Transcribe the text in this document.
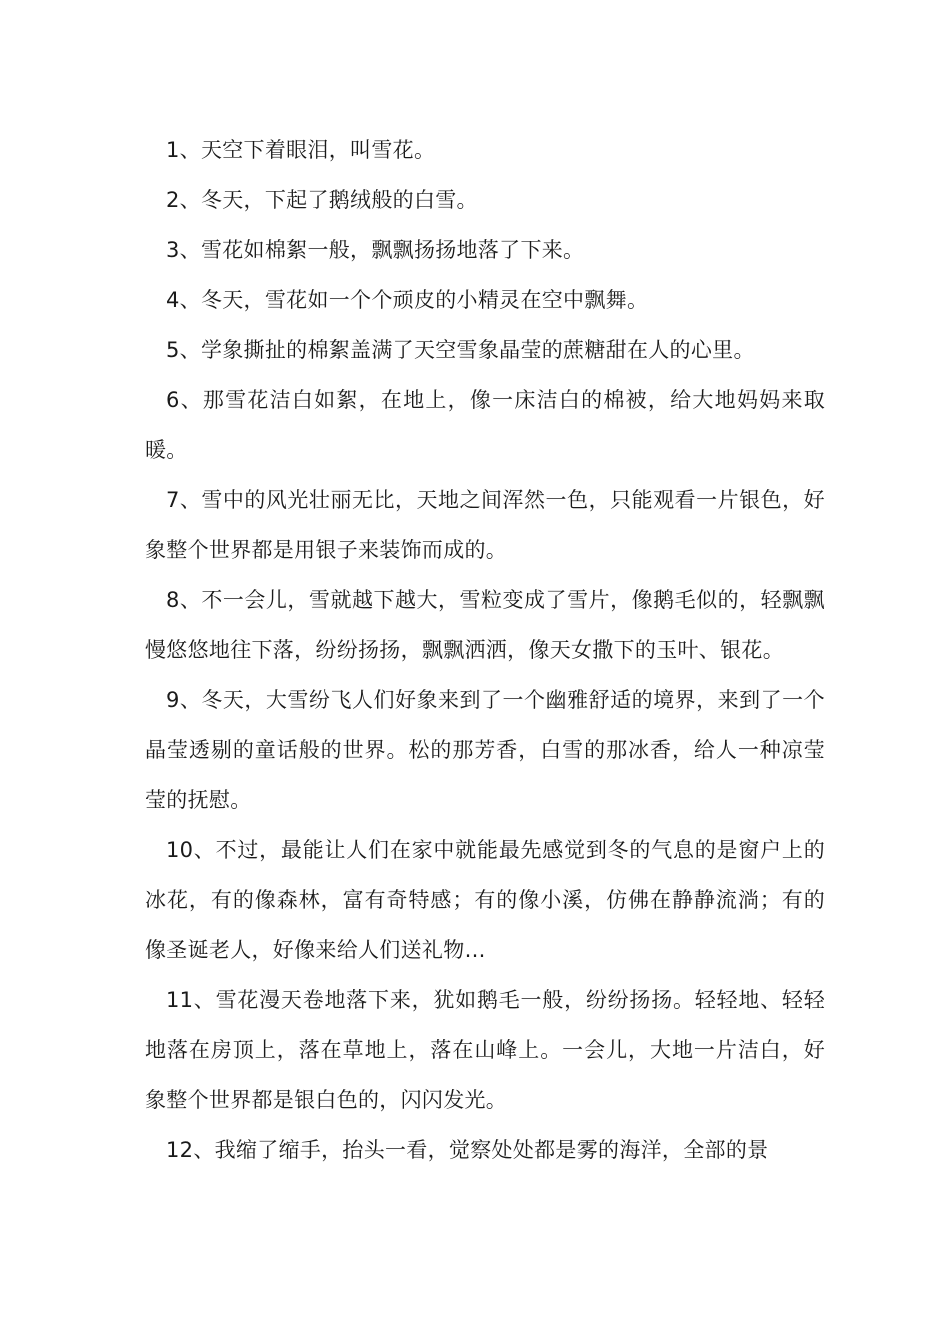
1、天空下着眼泪，叫雪花。

2、冬天，下起了鹅绒般的白雪。

3、雪花如棉絮一般，飘飘扬扬地落了下来。

4、冬天，雪花如一个个顽皮的小精灵在空中飘舞。

5、学象撕扯的棉絮盖满了天空雪象晶莹的蔗糖甜在人的心里。

6、那雪花洁白如絮，在地上，像一床洁白的棉被，给大地妈妈来取暖。

7、雪中的风光壮丽无比，天地之间浑然一色，只能观看一片银色，好象整个世界都是用银子来装饰而成的。

8、不一会儿，雪就越下越大，雪粒变成了雪片，像鹅毛似的，轻飘飘慢悠悠地往下落，纷纷扬扬，飘飘洒洒，像天女撒下的玉叶、银花。

9、冬天，大雪纷飞人们好象来到了一个幽雅舒适的境界，来到了一个晶莹透剔的童话般的世界。松的那芳香，白雪的那冰香，给人一种凉莹莹的抚慰。

10、不过，最能让人们在家中就能最先感觉到冬的气息的是窗户上的冰花，有的像森林，富有奇特感；有的像小溪，仿佛在静静流淌；有的像圣诞老人，好像来给人们送礼物…

11、雪花漫天卷地落下来，犹如鹅毛一般，纷纷扬扬。轻轻地、轻轻地落在房顶上，落在草地上，落在山峰上。一会儿，大地一片洁白，好象整个世界都是银白色的，闪闪发光。

12、我缩了缩手，抬头一看，觉察处处都是雾的海洋，全部的景
